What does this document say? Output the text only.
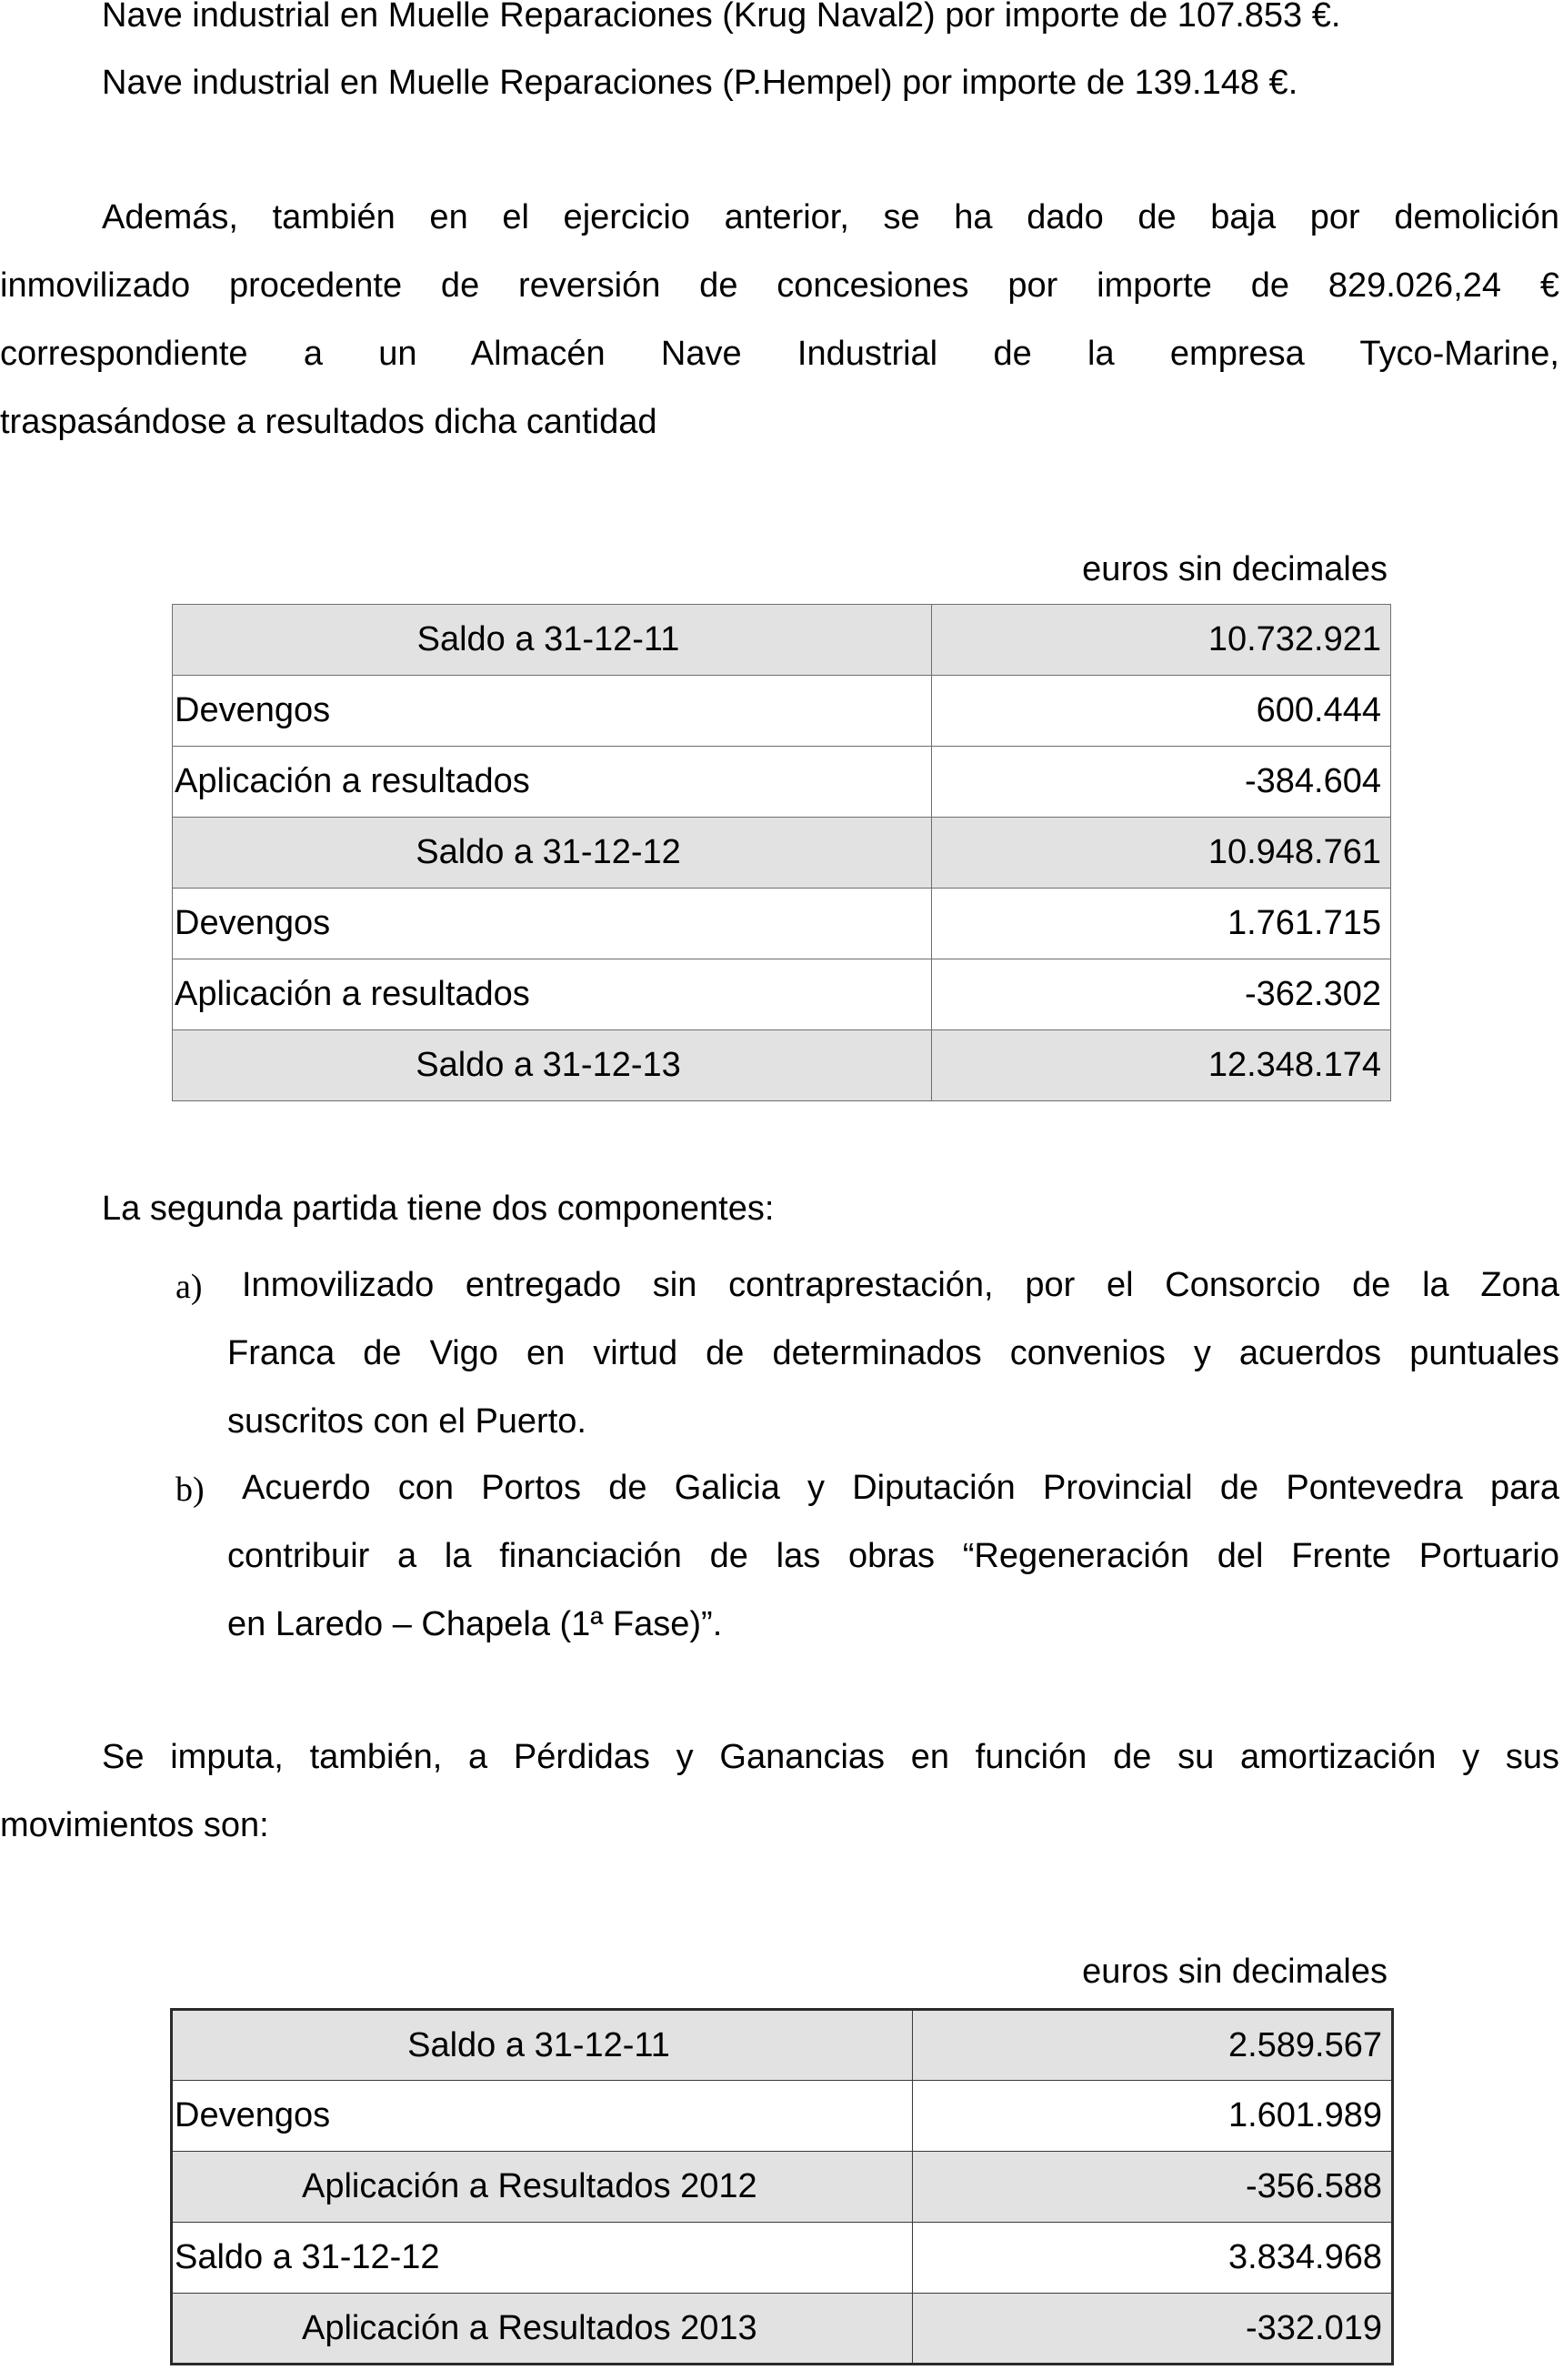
Nave industrial en Muelle Reparaciones (Krug Naval2) por importe de 107.853 €.
Nave industrial en Muelle Reparaciones (P.Hempel) por importe de 139.148 €.
Además, también en el ejercicio anterior, se ha dado de baja por demolición
inmovilizado procedente de reversión de concesiones por importe de 829.026,24 €
correspondiente a un Almacén Nave Industrial de la empresa Tyco-Marine,
traspasándose a resultados dicha cantidad
euros sin decimales
Saldo a 31-12-11	10.732.921
Devengos	600.444
Aplicación a resultados	-384.604
Saldo a 31-12-12	10.948.761
Devengos	1.761.715
Aplicación a resultados	-362.302
Saldo a 31-12-13	12.348.174
La segunda partida tiene dos componentes:
a) Inmovilizado entregado sin contraprestación, por el Consorcio de la Zona
Franca de Vigo en virtud de determinados convenios y acuerdos puntuales
suscritos con el Puerto.
b) Acuerdo con Portos de Galicia y Diputación Provincial de Pontevedra para
contribuir a la financiación de las obras “Regeneración del Frente Portuario
en Laredo – Chapela (1ª Fase)”.
Se imputa, también, a Pérdidas y Ganancias en función de su amortización y sus
movimientos son:
euros sin decimales
Saldo a 31-12-11	2.589.567
Devengos	1.601.989
Aplicación a Resultados 2012	-356.588
Saldo a 31-12-12	3.834.968
Aplicación a Resultados 2013	-332.019
